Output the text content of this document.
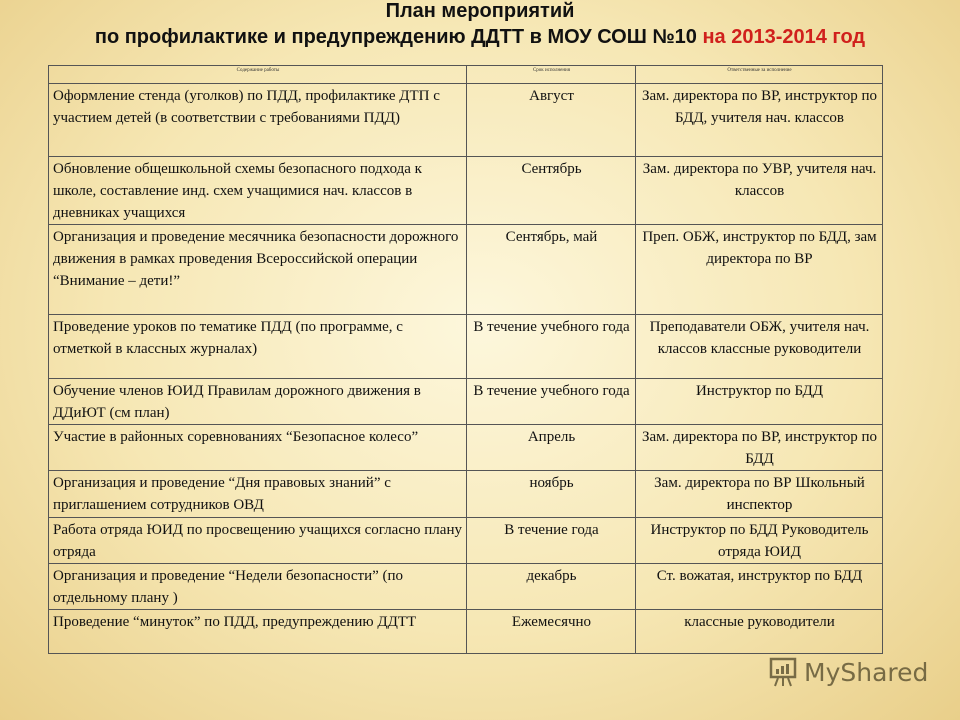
План мероприятий
по профилактике и предупреждению ДДТТ в МОУ СОШ №10 на 2013-2014 год
Содержание работы	Срок исполнения	Ответственные за исполнение
Оформление стенда (уголков) по ПДД, профилактике ДТП с участием детей (в соответствии с требованиями ПДД)	Август	Зам. директора по ВР, инструктор по БДД, учителя нач. классов
Обновление общешкольной схемы безопасного подхода к школе, составление инд. схем учащимися нач. классов в дневниках учащихся	Сентябрь	Зам. директора по УВР, учителя нач. классов
Организация и проведение месячника безопасности дорожного движения в рамках проведения Всероссийской операции “Внимание – дети!”	Сентябрь, май	Преп. ОБЖ, инструктор по БДД, зам директора по ВР
Проведение уроков по тематике ПДД (по программе, с отметкой в классных журналах)	В течение учебного года	Преподаватели ОБЖ, учителя нач. классов классные руководители
Обучение членов ЮИД Правилам дорожного движения в ДДиЮТ (см план)	В течение учебного года	Инструктор по БДД
Участие в районных соревнованиях “Безопасное колесо”	Апрель	Зам. директора по ВР, инструктор по БДД
Организация и проведение “Дня правовых знаний” с приглашением сотрудников ОВД	ноябрь	Зам. директора по ВР Школьный инспектор
Работа отряда ЮИД по просвещению учащихся согласно плану отряда	В течение года	Инструктор по БДД Руководитель отряда ЮИД
Организация и проведение “Недели безопасности” (по отдельному плану )	декабрь	Ст. вожатая, инструктор по БДД
Проведение “минуток” по ПДД, предупреждению ДДТТ	Ежемесячно	классные руководители
MyShared
